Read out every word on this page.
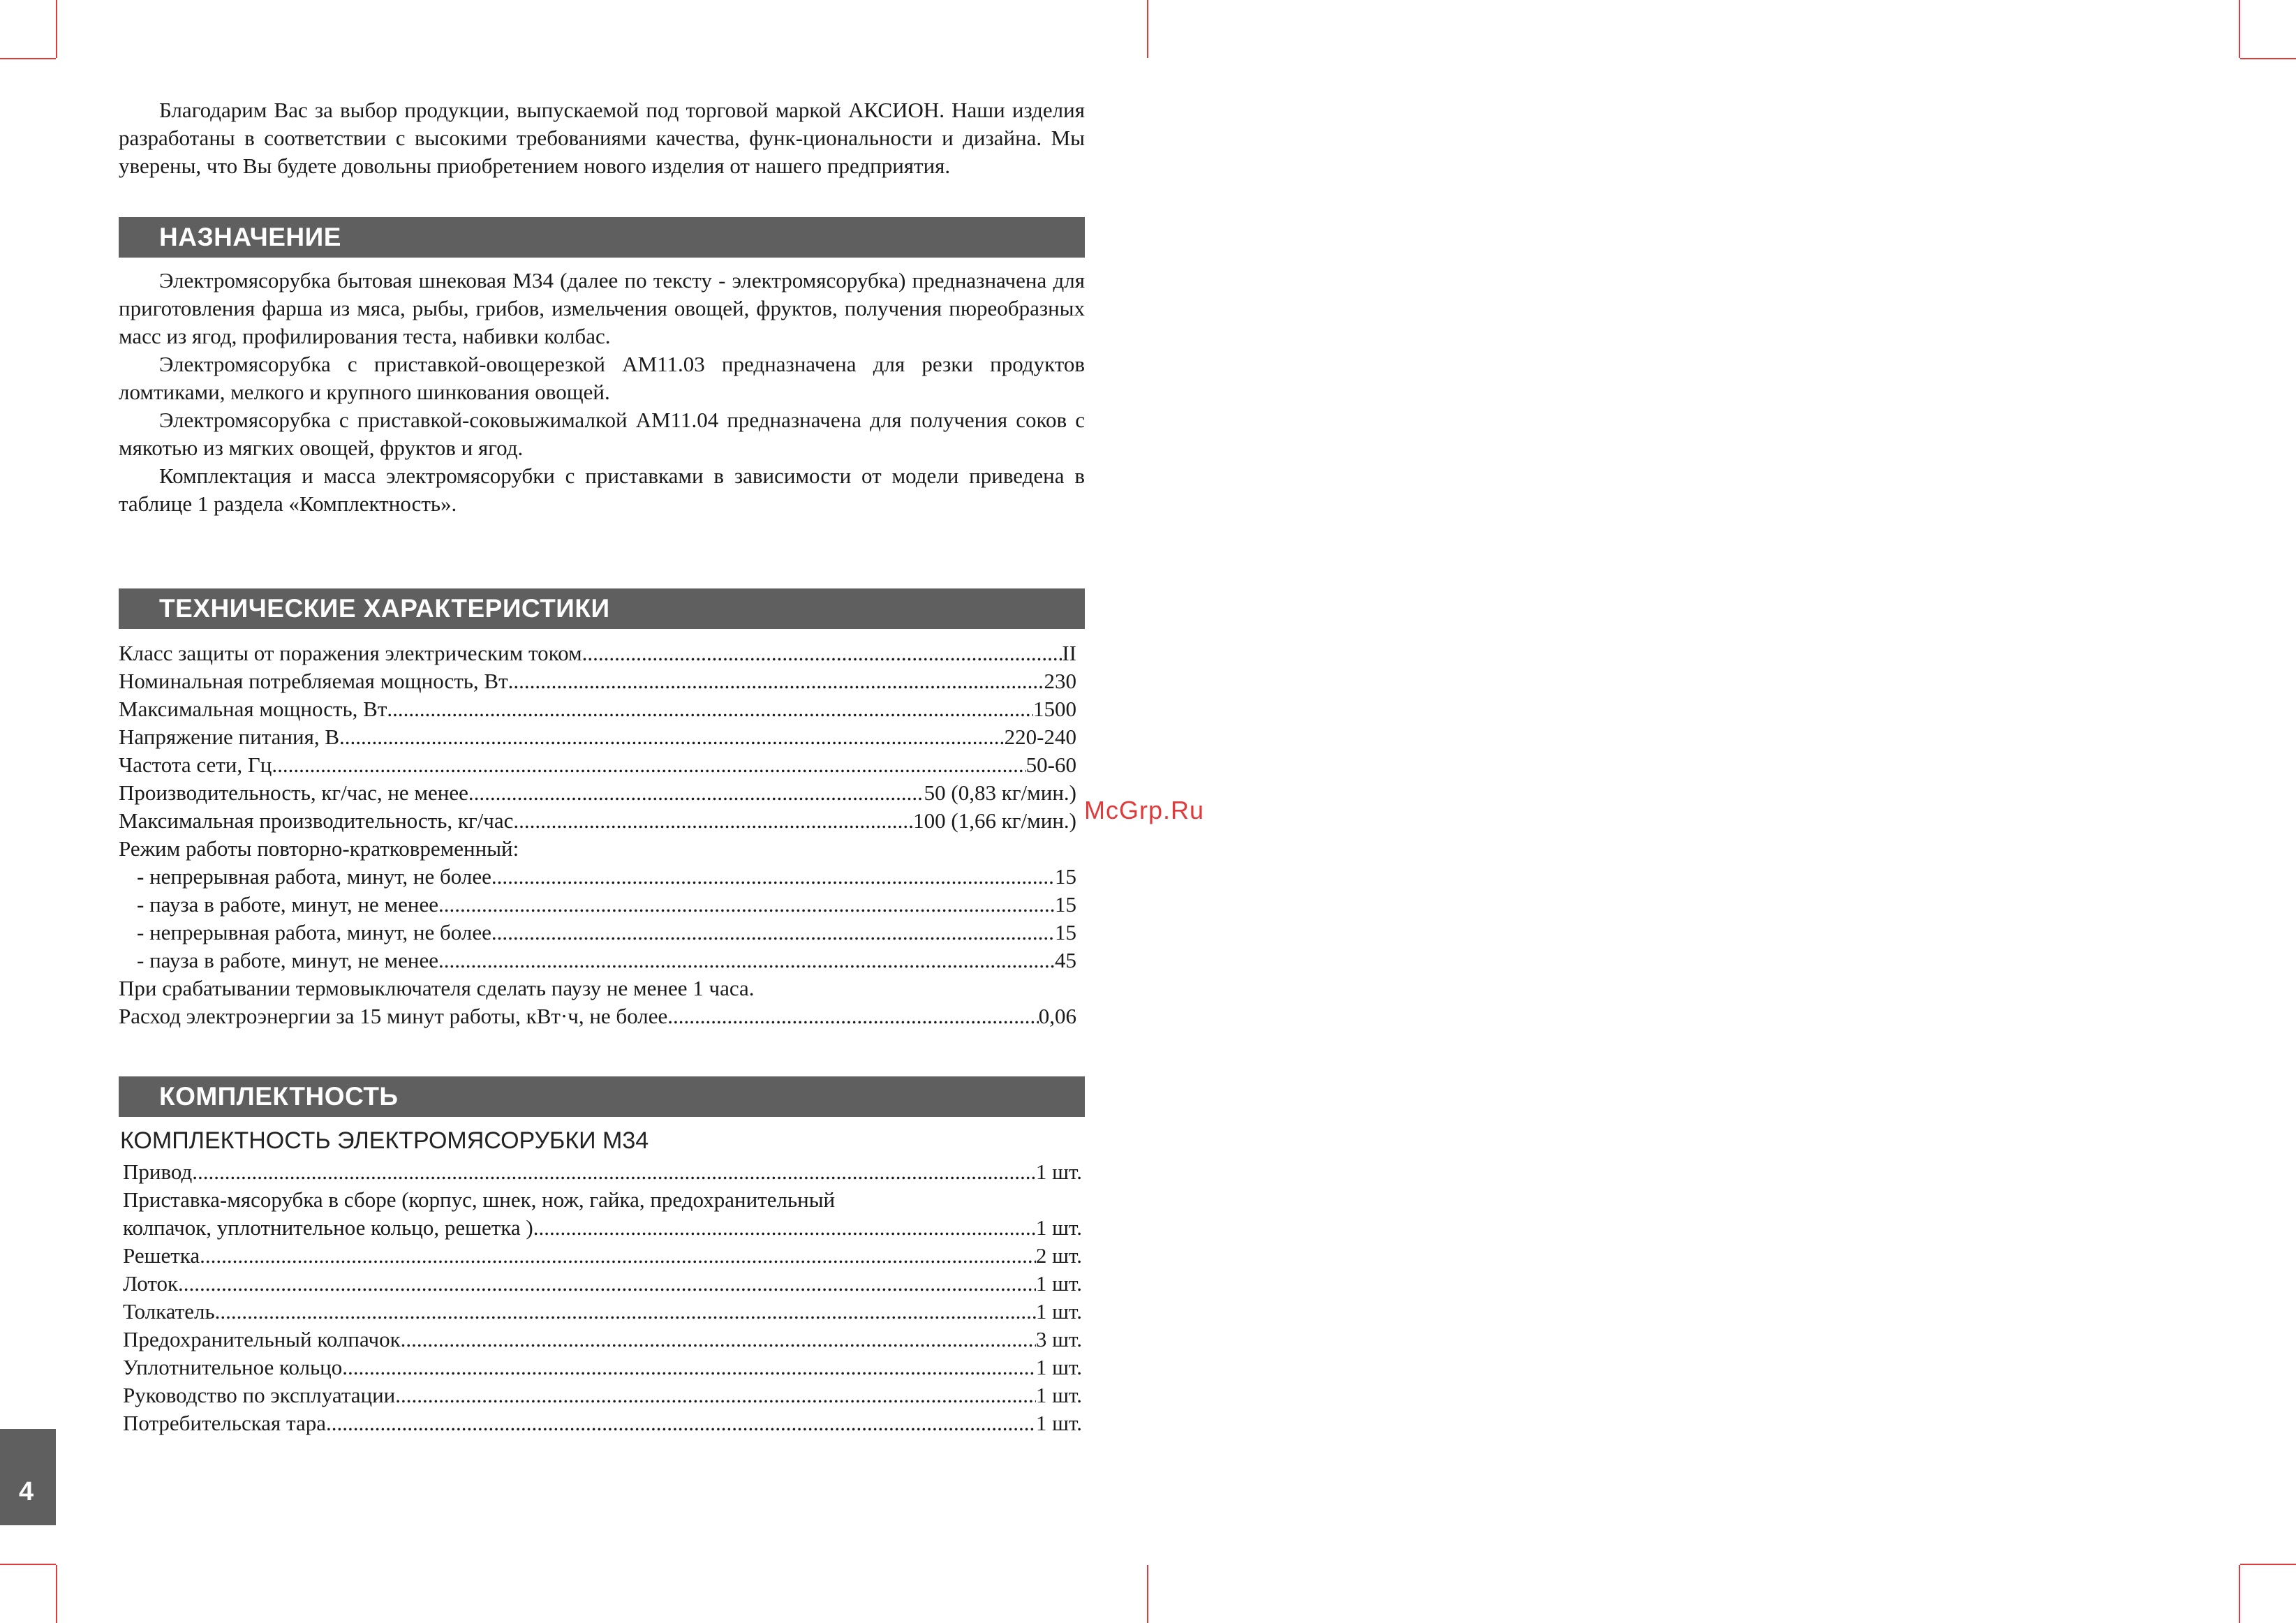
Благодарим Вас за выбор продукции, выпускаемой под торговой маркой АКСИОН. Наши изделия разработаны в соответствии с высокими требованиями качества, функ-циональности и дизайна. Мы уверены, что Вы будете довольны приобретением нового изделия от нашего предприятия.

НАЗНАЧЕНИЕ

Электромясорубка бытовая шнековая М34 (далее по тексту - электромясорубка) предназначена для приготовления фарша из мяса, рыбы, грибов, измельчения овощей, фруктов, получения пюреобразных масс из ягод, профилирования теста, набивки колбас.

Электромясорубка с приставкой-овощерезкой АМ11.03 предназначена для резки продуктов ломтиками, мелкого и крупного шинкования овощей.

Электромясорубка с приставкой-соковыжималкой АМ11.04 предназначена для получения соков с мякотью из мягких овощей, фруктов и ягод.

Комплектация и масса электромясорубки с приставками в зависимости от модели приведена в таблице 1 раздела «Комплектность».

ТЕХНИЧЕСКИЕ ХАРАКТЕРИСТИКИ
Класс защиты от поражения электрическим током .....	II
Номинальная потребляемая мощность, Вт .....	230
Максимальная мощность, Вт .....	1500
Напряжение питания, В .....	220-240
Частота сети, Гц .....	50-60
Производительность, кг/час, не менее .....	50 (0,83 кг/мин.)
Максимальная производительность, кг/час .....	100 (1,66 кг/мин.)
Режим работы повторно-кратковременный:
- непрерывная работа, минут, не более .....	15
- пауза в работе, минут, не менее .....	15
- непрерывная работа, минут, не более .....	15
- пауза в работе, минут, не менее .....	45
При срабатывании термовыключателя сделать паузу не менее 1 часа.
Расход электроэнергии за 15 минут работы, кВт·ч, не более .....	0,06
КОМПЛЕКТНОСТЬ
КОМПЛЕКТНОСТЬ ЭЛЕКТРОМЯСОРУБКИ М34
Привод .....	1 шт.
Приставка-мясорубка в сборе (корпус, шнек, нож, гайка, предохранительный
колпачок, уплотнительное кольцо, решетка ) .....	1 шт.
Решетка .....	2 шт.
Лоток .....	1 шт.
Толкатель .....	1 шт.
Предохранительный колпачок .....	3 шт.
Уплотнительное кольцо .....	1 шт.
Руководство по эксплуатации .....	1 шт.
Потребительская тара .....	1 шт.
McGrp.Ru
4
